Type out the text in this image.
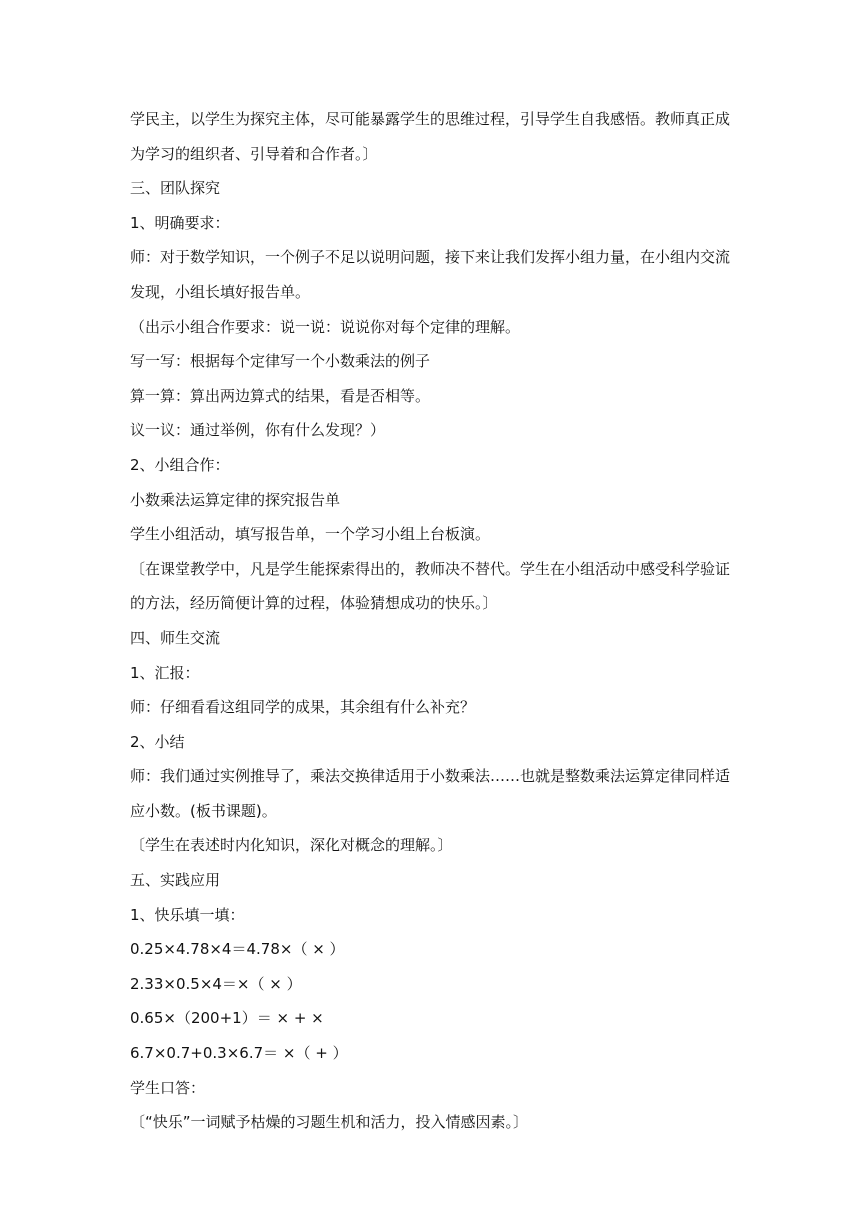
学民主，以学生为探究主体，尽可能暴露学生的思维过程，引导学生自我感悟。教师真正成
为学习的组织者、引导着和合作者。〕
三、团队探究
1、明确要求：
师：对于数学知识，一个例子不足以说明问题，接下来让我们发挥小组力量，在小组内交流
发现，小组长填好报告单。
（出示小组合作要求：说一说：说说你对每个定律的理解。
写一写：根据每个定律写一个小数乘法的例子
算一算：算出两边算式的结果，看是否相等。
议一议：通过举例，你有什么发现？）
2、小组合作：
小数乘法运算定律的探究报告单
学生小组活动，填写报告单，一个学习小组上台板演。
〔在课堂教学中，凡是学生能探索得出的，教师决不替代。学生在小组活动中感受科学验证
的方法，经历简便计算的过程，体验猜想成功的快乐。〕
四、师生交流
1、汇报：
师：仔细看看这组同学的成果，其余组有什么补充？
2、小结
师：我们通过实例推导了，乘法交换律适用于小数乘法……也就是整数乘法运算定律同样适
应小数。(板书课题)。
〔学生在表述时内化知识，深化对概念的理解。〕
五、实践应用
1、快乐填一填：
0.25×4.78×4＝4.78×（ × ）
2.33×0.5×4＝×（ × ）
0.65×（200+1）＝ × + ×
6.7×0.7+0.3×6.7＝ ×（ + ）
学生口答：
〔“快乐”一词赋予枯燥的习题生机和活力，投入情感因素。〕
